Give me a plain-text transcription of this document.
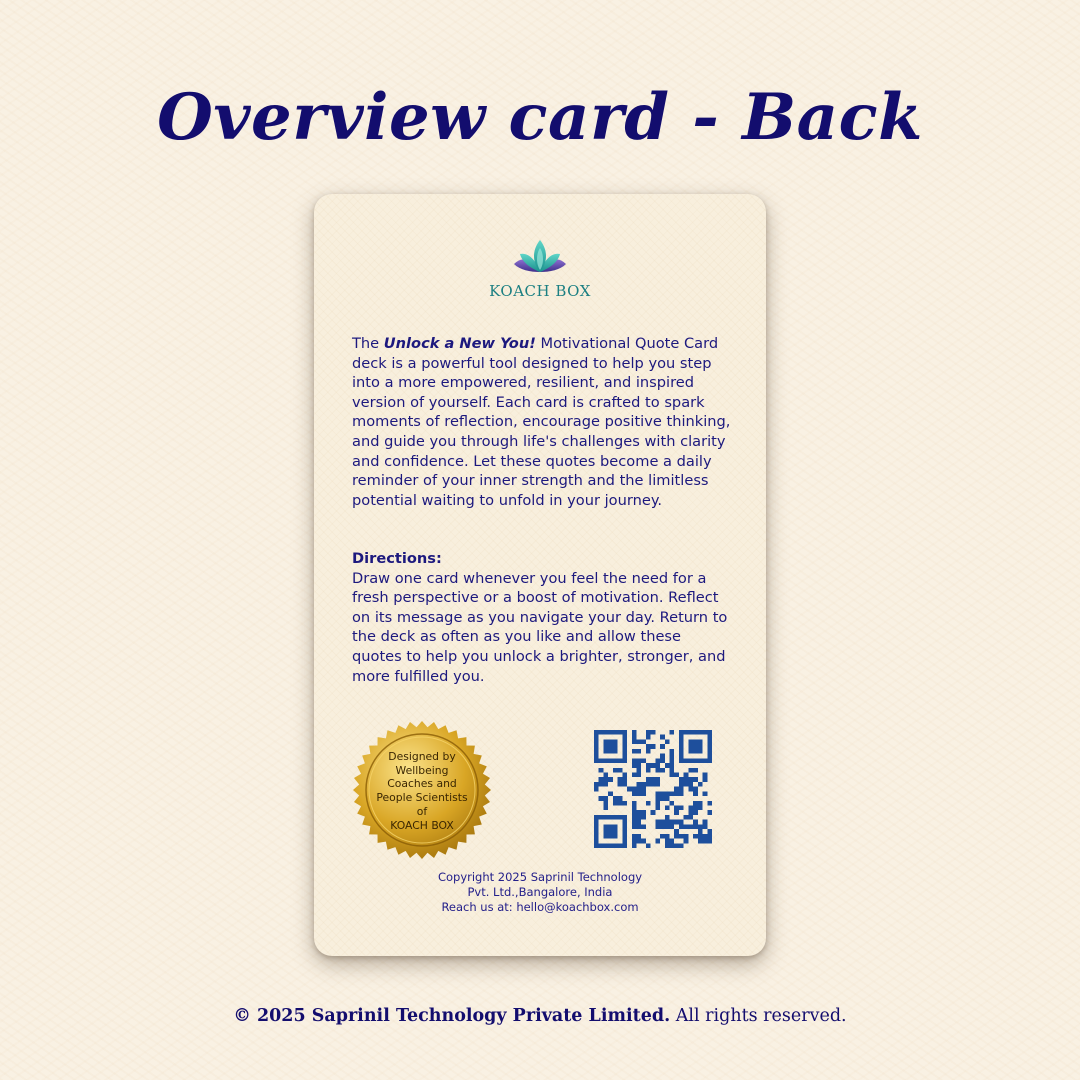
Overview card - Back
KOACH BOX

The Unlock a New You! Motivational Quote Card deck is a powerful tool designed to help you step into a more empowered, resilient, and inspired version of yourself. Each card is crafted to spark moments of reflection, encourage positive thinking, and guide you through life's challenges with clarity and confidence. Let these quotes become a daily reminder of your inner strength and the limitless potential waiting to unfold in your journey.

Directions:
Draw one card whenever you feel the need for a fresh perspective or a boost of motivation. Reflect on its message as you navigate your day. Return to the deck as often as you like and allow these quotes to help you unlock a brighter, stronger, and more fulfilled you.

Designed by
Wellbeing
Coaches and
People Scientists
of
KOACH BOX
Copyright 2025 Saprinil Technology
Pvt. Ltd.,Bangalore, India
Reach us at: hello@koachbox.com
© 2025 Saprinil Technology Private Limited. All rights reserved.
